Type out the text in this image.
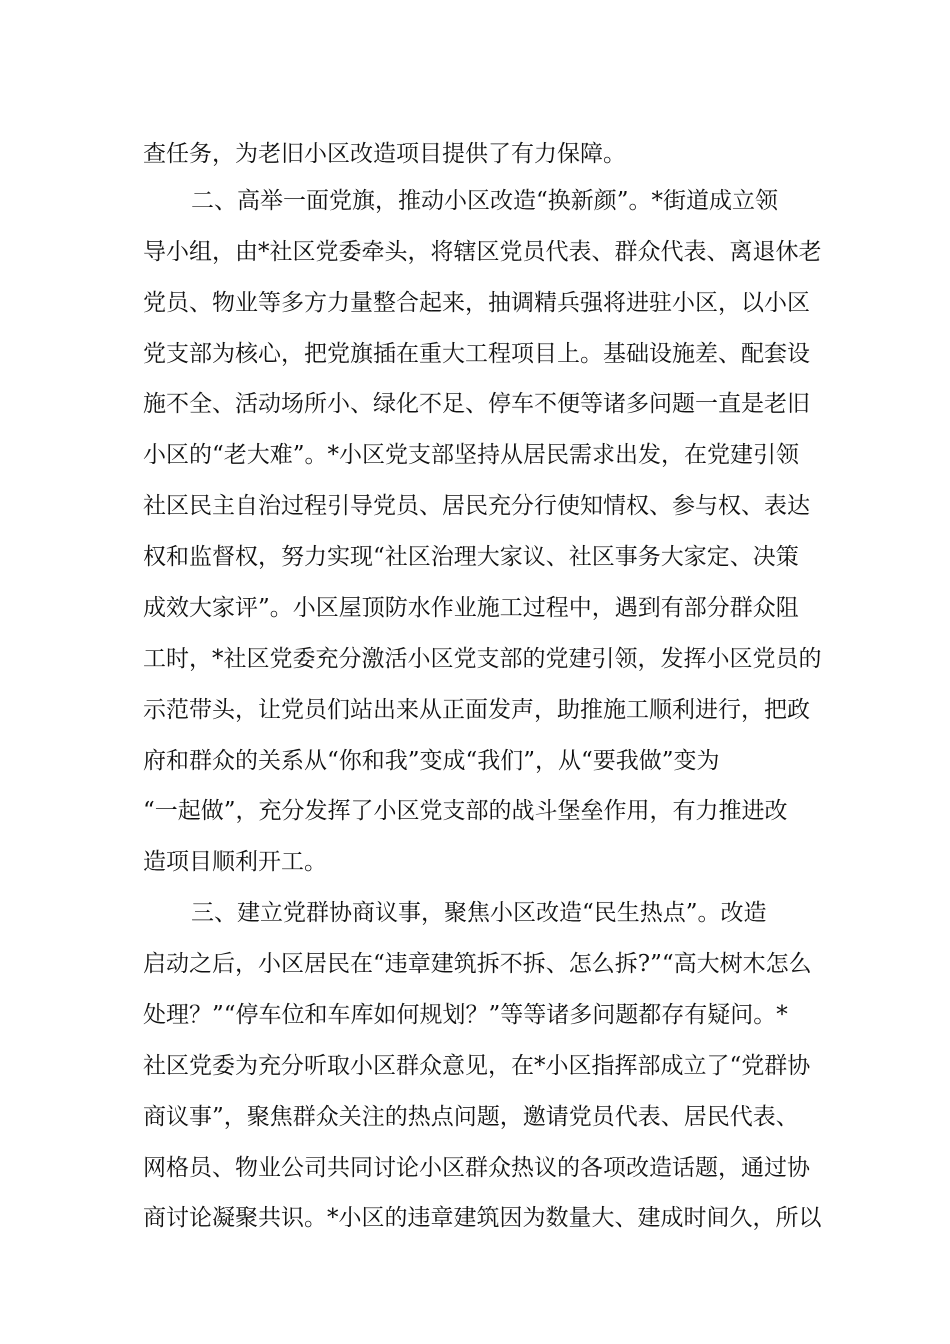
查任务，为老旧小区改造项目提供了有力保障。
二、高举一面党旗，推动小区改造“换新颜”。*街道成立领
导小组，由*社区党委牵头，将辖区党员代表、群众代表、离退休老
党员、物业等多方力量整合起来，抽调精兵强将进驻小区，以小区
党支部为核心，把党旗插在重大工程项目上。基础设施差、配套设
施不全、活动场所小、绿化不足、停车不便等诸多问题一直是老旧
小区的“老大难”。*小区党支部坚持从居民需求出发，在党建引领
社区民主自治过程引导党员、居民充分行使知情权、参与权、表达
权和监督权，努力实现“社区治理大家议、社区事务大家定、决策
成效大家评”。小区屋顶防水作业施工过程中，遇到有部分群众阻
工时，*社区党委充分激活小区党支部的党建引领，发挥小区党员的
示范带头，让党员们站出来从正面发声，助推施工顺利进行，把政
府和群众的关系从“你和我”变成“我们”，从“要我做”变为
“一起做”，充分发挥了小区党支部的战斗堡垒作用，有力推进改
造项目顺利开工。
三、建立党群协商议事，聚焦小区改造“民生热点”。改造
启动之后，小区居民在“违章建筑拆不拆、怎么拆?”“高大树木怎么
处理？”“停车位和车库如何规划？”等等诸多问题都存有疑问。*
社区党委为充分听取小区群众意见，在*小区指挥部成立了“党群协
商议事”，聚焦群众关注的热点问题，邀请党员代表、居民代表、
网格员、物业公司共同讨论小区群众热议的各项改造话题，通过协
商讨论凝聚共识。*小区的违章建筑因为数量大、建成时间久，所以
